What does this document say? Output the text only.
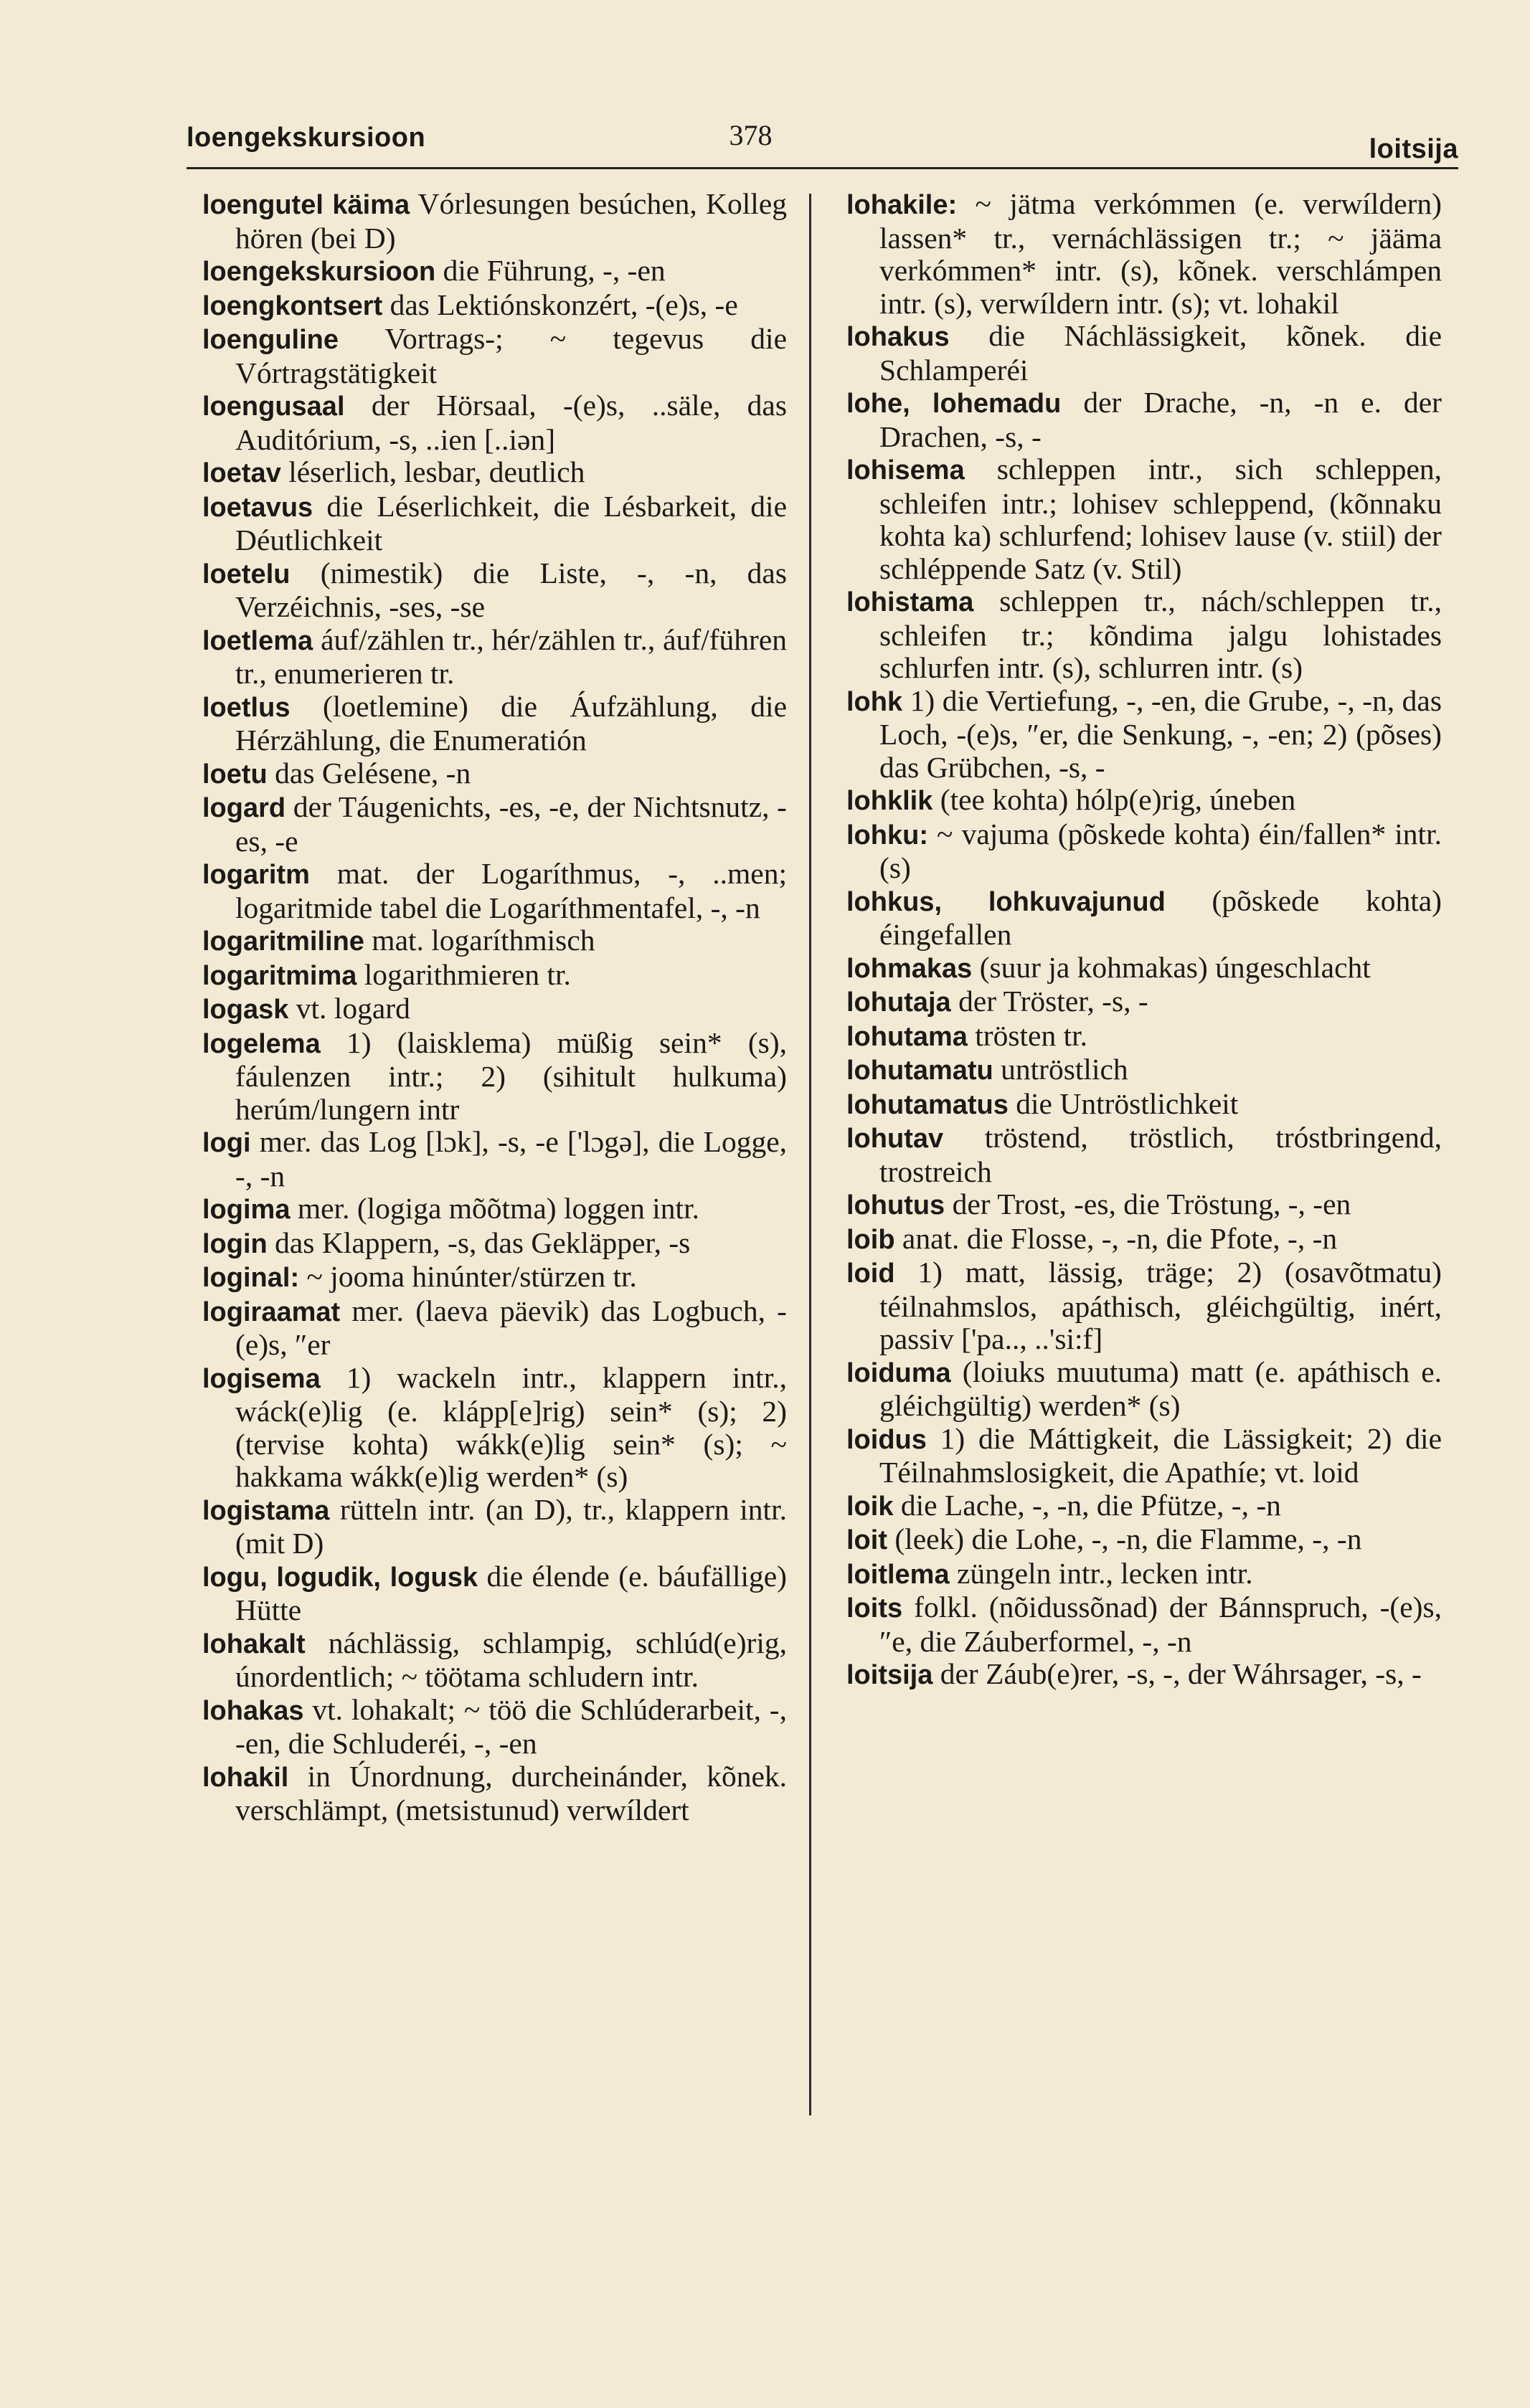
loengekskursioon	378	loitsija

loengutel käima Vórlesungen besúchen, Kolleg hören (bei D)

loengekskursioon die Führung, -, -en

loengkontsert das Lektiónskonzért, -(e)s, -e

loenguline Vortrags-; ~ tegevus die Vórtragstätigkeit

loengusaal der Hörsaal, -(e)s, ..säle, das Auditórium, -s, ..ien [..iən]

loetav léserlich, lesbar, deutlich

loetavus die Léserlichkeit, die Lésbarkeit, die Déutlichkeit

loetelu (nimestik) die Liste, -, -n, das Verzéichnis, -ses, -se

loetlema áuf/zählen tr., hér/zählen tr., áuf/führen tr., enumerieren tr.

loetlus (loetlemine) die Áufzählung, die Hérzählung, die Enumeratión

loetu das Gelésene, -n

logard der Táugenichts, -es, -e, der Nichtsnutz, -es, -e

logaritm mat. der Logaríthmus, -, ..men; logaritmide tabel die Logaríthmentafel, -, -n

logaritmiline mat. logaríthmisch

logaritmima logarithmieren tr.

logask vt. logard

logelema 1) (laisklema) müßig sein* (s), fáulenzen intr.; 2) (sihitult hulkuma) herúm/lungern intr

logi mer. das Log [lɔk], -s, -e ['lɔgə], die Logge, -, -n

logima mer. (logiga mõõtma) loggen intr.

login das Klappern, -s, das Gekläpper, -s

loginal: ~ jooma hinúnter/stürzen tr.

logiraamat mer. (laeva päevik) das Logbuch, -(e)s, ″er

logisema 1) wackeln intr., klappern intr., wáck(e)lig (e. klápp[e]rig) sein* (s); 2) (tervise kohta) wákk(e)lig sein* (s); ~ hakkama wákk(e)lig werden* (s)

logistama rütteln intr. (an D), tr., klappern intr. (mit D)

logu, logudik, logusk die élende (e. báufällige) Hütte

lohakalt náchlässig, schlampig, schlúd(e)rig, únordentlich; ~ töötama schludern intr.

lohakas vt. lohakalt; ~ töö die Schlúderarbeit, -, -en, die Schluderéi, -, -en

lohakil in Únordnung, durcheinánder, kõnek. verschlämpt, (metsistunud) verwíldert

lohakile: ~ jätma verkómmen (e. verwíldern) lassen* tr., vernáchlässigen tr.; ~ jääma verkómmen* intr. (s), kõnek. verschlámpen intr. (s), verwíldern intr. (s); vt. lohakil

lohakus die Náchlässigkeit, kõnek. die Schlamperéi

lohe, lohemadu der Drache, -n, -n e. der Drachen, -s, -

lohisema schleppen intr., sich schleppen, schleifen intr.; lohisev schleppend, (kõnnaku kohta ka) schlurfend; lohisev lause (v. stiil) der schléppende Satz (v. Stil)

lohistama schleppen tr., nách/schleppen tr., schleifen tr.; kõndima jalgu lohistades schlurfen intr. (s), schlurren intr. (s)

lohk 1) die Vertiefung, -, -en, die Grube, -, -n, das Loch, -(e)s, ″er, die Senkung, -, -en; 2) (põses) das Grübchen, -s, -

lohklik (tee kohta) hólp(e)rig, úneben

lohku: ~ vajuma (põskede kohta) éin/fallen* intr. (s)

lohkus, lohkuvajunud (põskede kohta) éingefallen

lohmakas (suur ja kohmakas) úngeschlacht

lohutaja der Tröster, -s, -

lohutama trösten tr.

lohutamatu untröstlich

lohutamatus die Untröstlichkeit

lohutav tröstend, tröstlich, tróstbringend, trostreich

lohutus der Trost, -es, die Tröstung, -, -en

loib anat. die Flosse, -, -n, die Pfote, -, -n

loid 1) matt, lässig, träge; 2) (osavõtmatu) téilnahmslos, apáthisch, gléichgültig, inért, passiv ['pa.., ..'si:f]

loiduma (loiuks muutuma) matt (e. apáthisch e. gléichgültig) werden* (s)

loidus 1) die Máttigkeit, die Lässigkeit; 2) die Téilnahmslosigkeit, die Apathíe; vt. loid

loik die Lache, -, -n, die Pfütze, -, -n

loit (leek) die Lohe, -, -n, die Flamme, -, -n

loitlema züngeln intr., lecken intr.

loits folkl. (nõidussõnad) der Bánnspruch, -(e)s, ″e, die Záuberformel, -, -n

loitsija der Záub(e)rer, -s, -, der Wáhrsager, -s, -
